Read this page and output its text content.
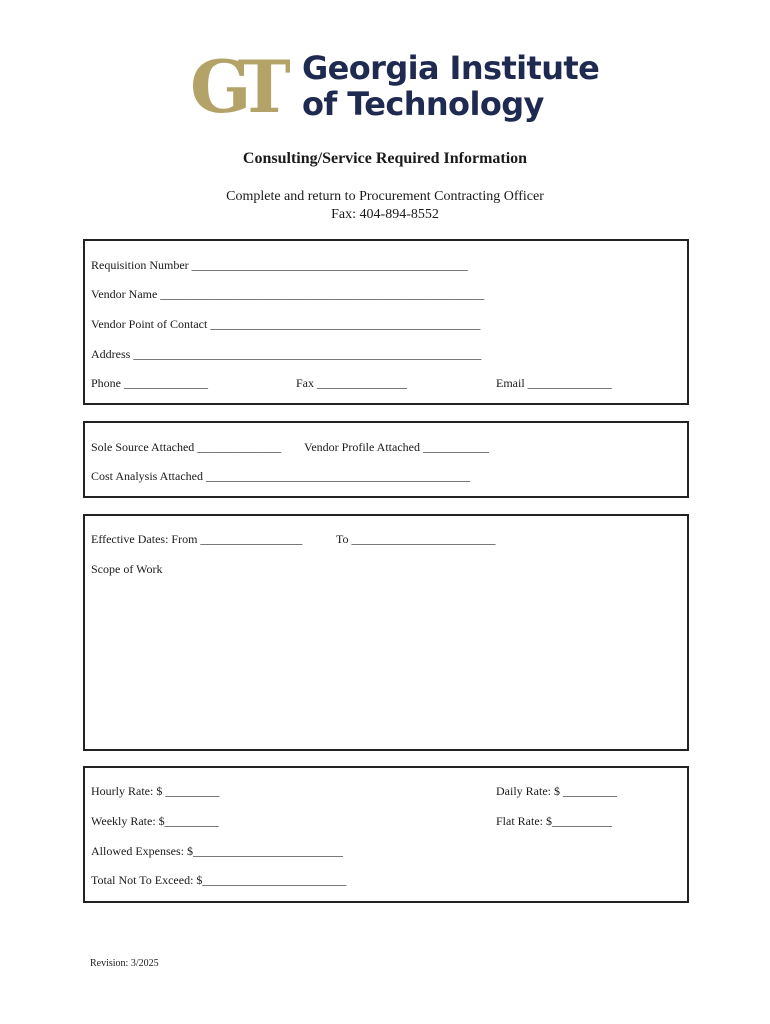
GT Georgia Institute
of Technology
Consulting/Service Required Information
Complete and return to Procurement Contracting Officer
Fax: 404-894-8552
Requisition Number ______________________________________________
Vendor Name ______________________________________________________
Vendor Point of Contact _____________________________________________
Address __________________________________________________________
Phone ______________	Fax _______________	Email ______________
Sole Source Attached ______________ Vendor Profile Attached ___________
Cost Analysis Attached ____________________________________________
Effective Dates: From _________________	To ________________________
Scope of Work
Hourly Rate: $ _________	Daily Rate: $ _________
Weekly Rate: $_________	Flat Rate: $__________
Allowed Expenses: $_________________________
Total Not To Exceed: $________________________
Revision: 3/2025
